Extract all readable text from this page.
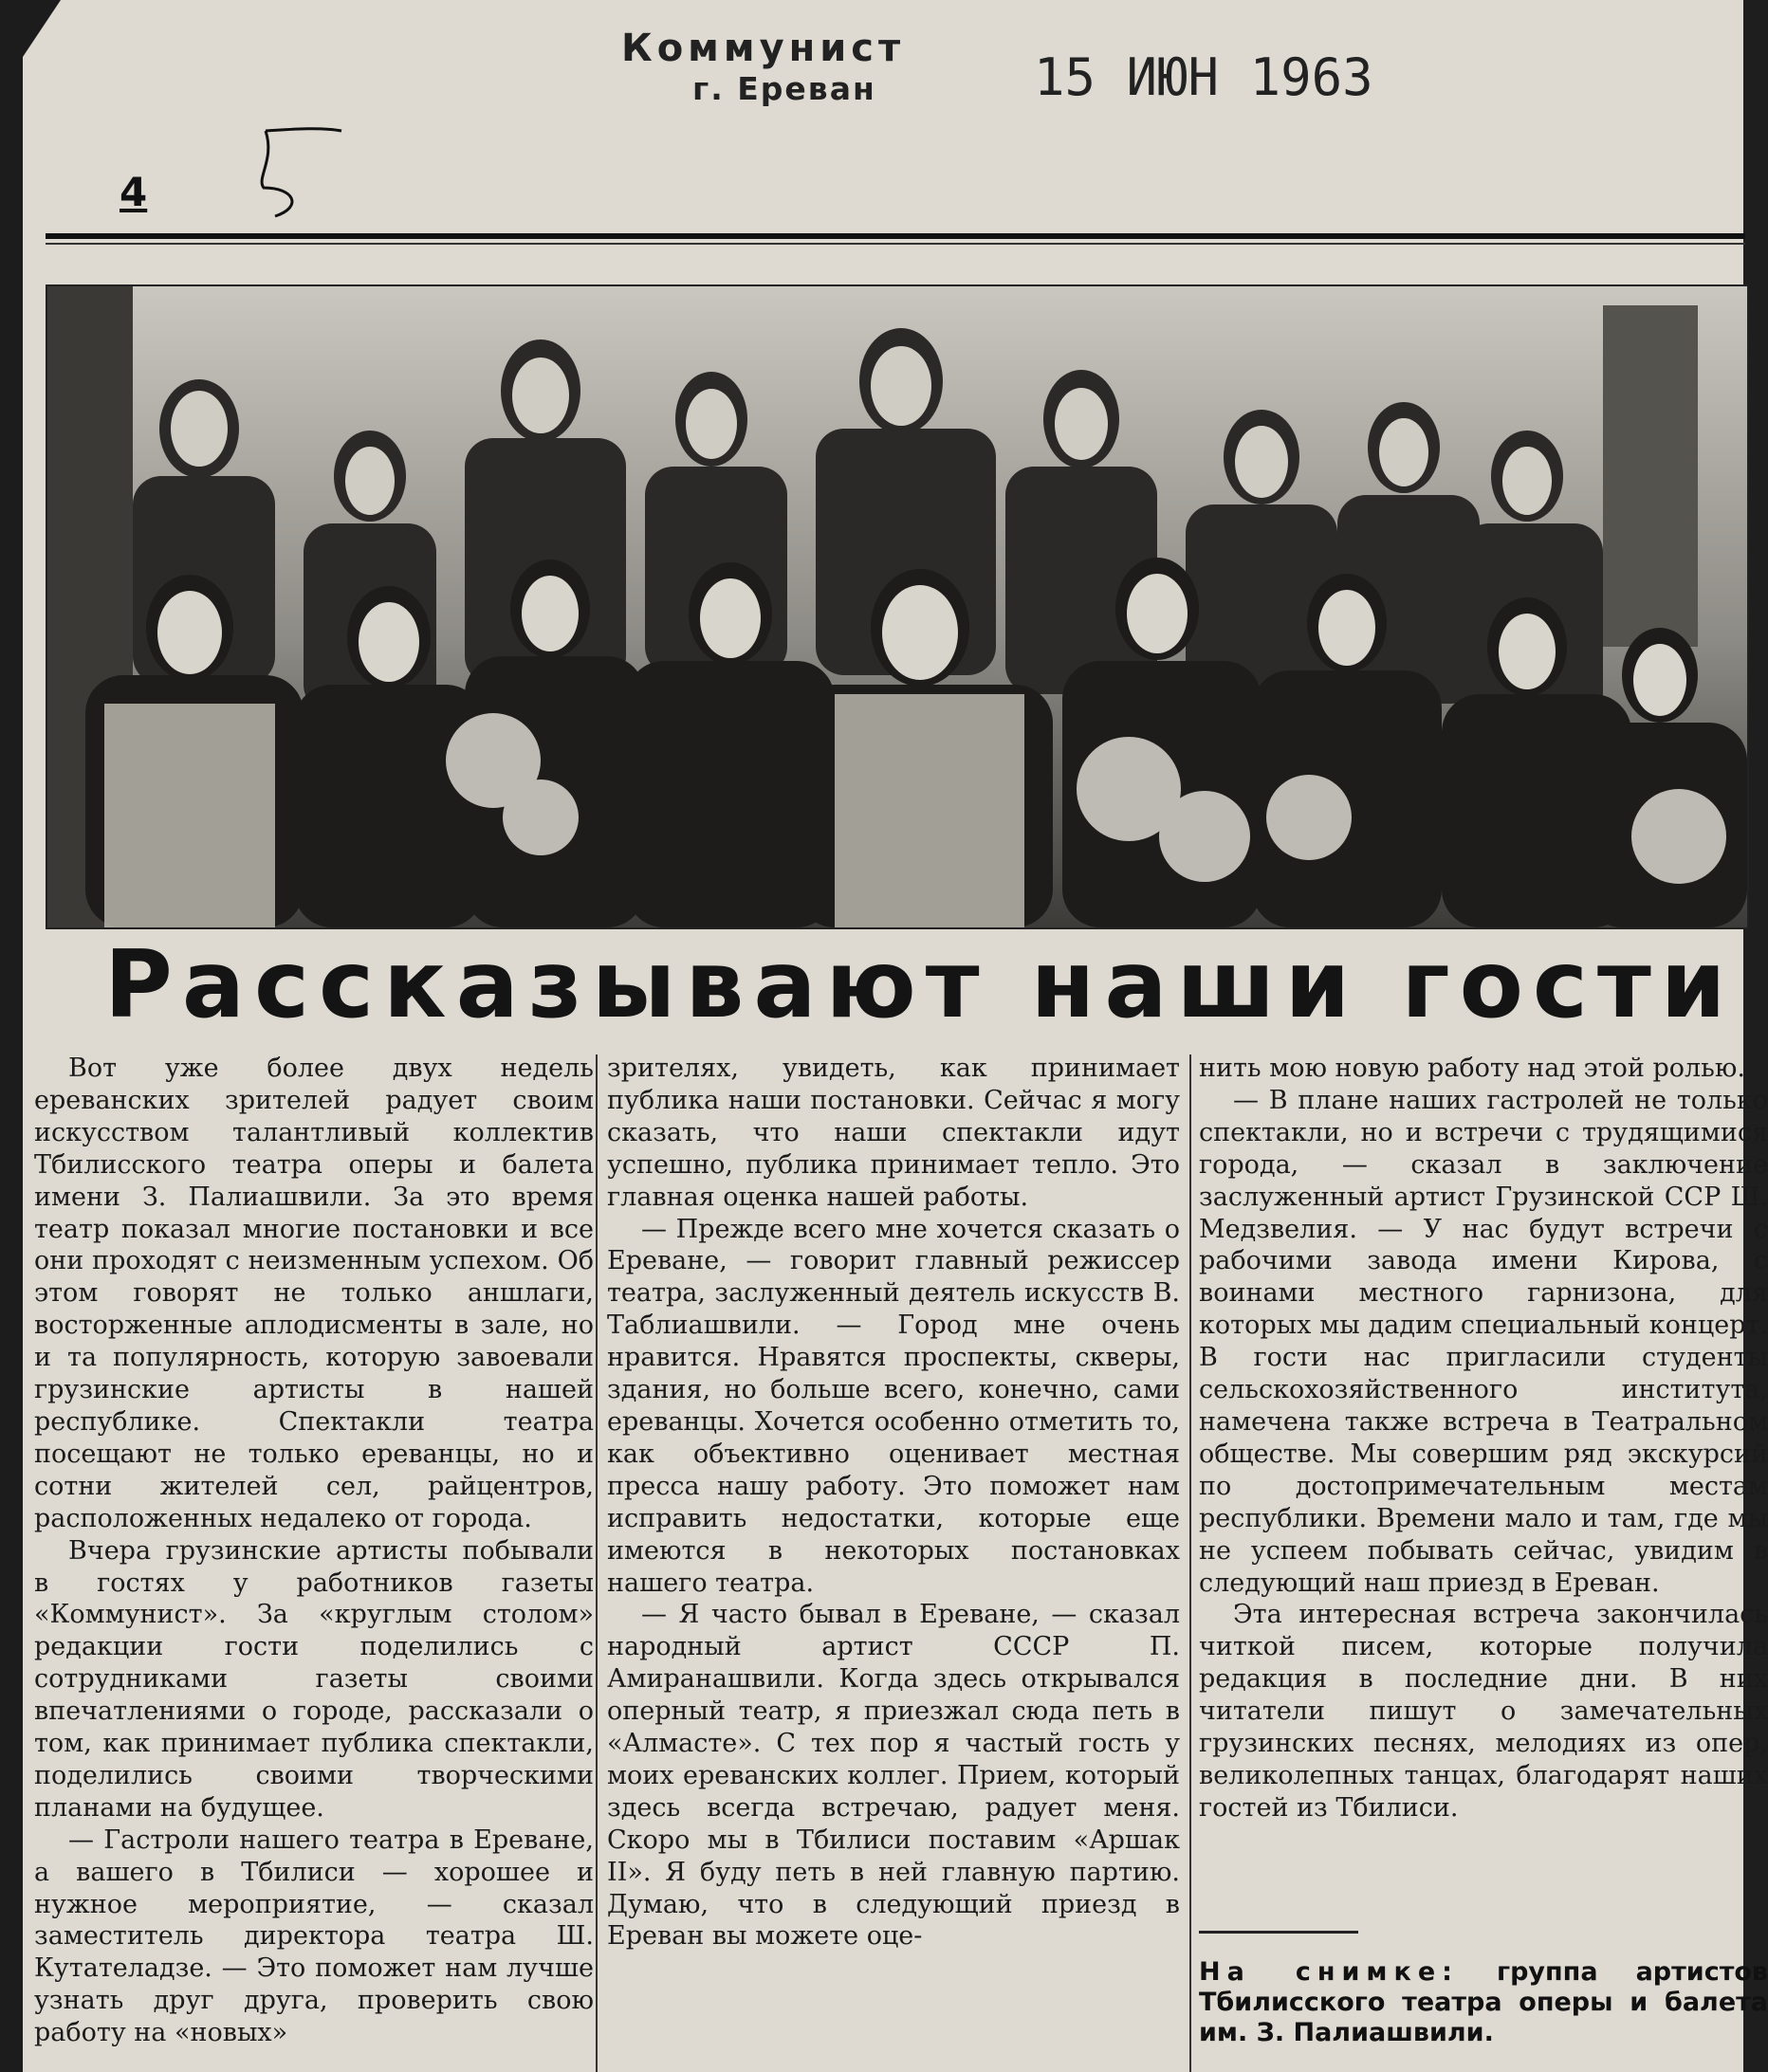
Коммунист
г. Ереван	15 ИЮН 1963
4
Рассказывают наши гости

Вот уже более двух недель ереванских зрителей радует своим искусством талантливый коллектив Тбилисского театра оперы и балета имени З. Палиашвили. За это время театр показал многие постановки и все они проходят с неизменным успехом. Об этом говорят не только аншлаги, восторженные аплодисменты в зале, но и та популярность, которую завоевали грузинские артисты в нашей республике. Спектакли театра посещают не только ереванцы, но и сотни жителей сел, райцентров, расположенных недалеко от города.

Вчера грузинские артисты побывали в гостях у работников газеты «Коммунист». За «круглым столом» редакции гости поделились с сотрудниками газеты своими впечатлениями о городе, рассказали о том, как принимает публика спектакли, поделились своими творческими планами на будущее.

— Гастроли нашего театра в Ереване, а вашего в Тбилиси — хорошее и нужное мероприятие, — сказал заместитель директора театра Ш. Кутателадзе. — Это поможет нам лучше узнать друг друга, проверить свою работу на «новых»

зрителях, увидеть, как принимает публика наши постановки. Сейчас я могу сказать, что наши спектакли идут успешно, публика принимает тепло. Это главная оценка нашей работы.

— Прежде всего мне хочется сказать о Ереване, — говорит главный режиссер театра, заслуженный деятель искусств В. Таблиашвили. — Город мне очень нравится. Нравятся проспекты, скверы, здания, но больше всего, конечно, сами ереванцы. Хочется особенно отметить то, как объективно оценивает местная пресса нашу работу. Это поможет нам исправить недостатки, которые еще имеются в некоторых постановках нашего театра.

— Я часто бывал в Ереване, — сказал народный артист СССР П. Амиранашвили. Когда здесь открывался оперный театр, я приезжал сюда петь в «Алмасте». С тех пор я частый гость у моих ереванских коллег. Прием, который здесь всегда встречаю, радует меня. Скоро мы в Тбилиси поставим «Аршак II». Я буду петь в ней главную партию. Думаю, что в следующий приезд в Ереван вы можете оце-

нить мою новую работу над этой ролью.

— В плане наших гастролей не только спектакли, но и встречи с трудящимися города, — сказал в заключение заслуженный артист Грузинской ССР Ш. Медзвелия. — У нас будут встречи с рабочими завода имени Кирова, с воинами местного гарнизона, для которых мы дадим специальный концерт. В гости нас пригласили студенты сельскохозяйственного института, намечена также встреча в Театральном обществе. Мы совершим ряд экскурсий по достопримечательным местам республики. Времени мало и там, где мы не успеем побывать сейчас, увидим в следующий наш приезд в Ереван.

Эта интересная встреча закончилась читкой писем, которые получила редакция в последние дни. В них читатели пишут о замечательных грузинских песнях, мелодиях из опер, великолепных танцах, благодарят наших гостей из Тбилиси.

На снимке: группа артистов Тбилисского театра оперы и балета им. З. Палиашвили.
